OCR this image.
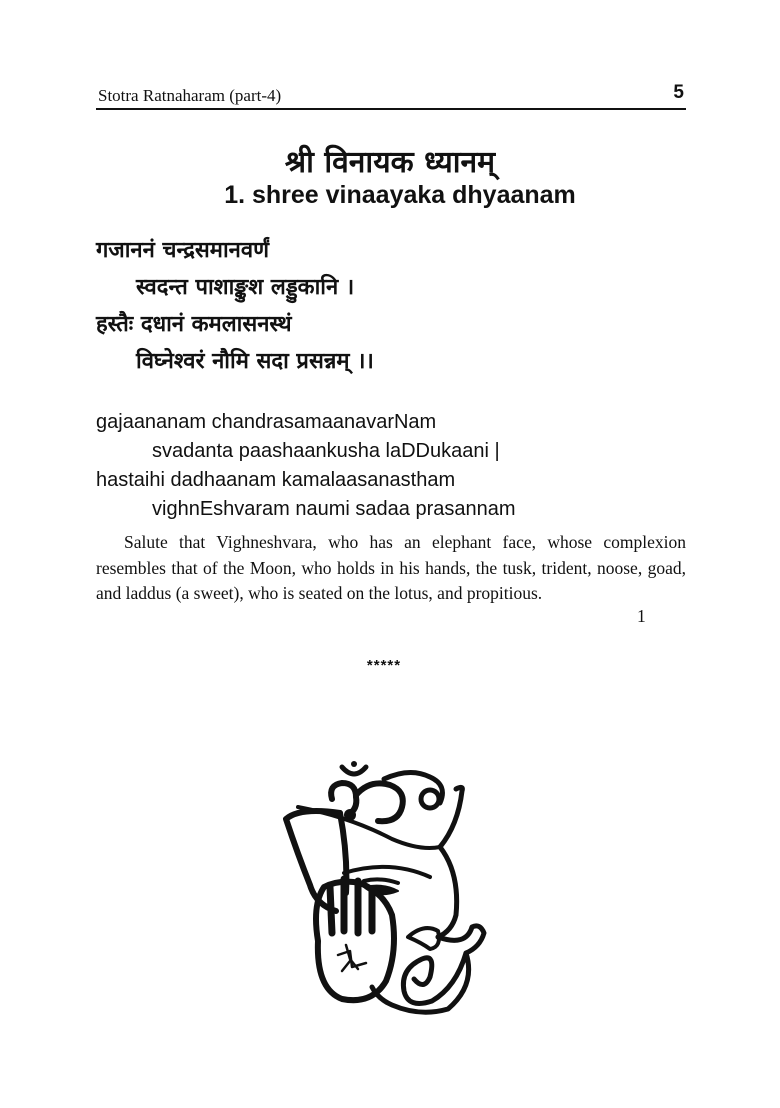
Stotra Ratnaharam (part-4)	5
श्री विनायक ध्यानम्
1. shree vinaayaka dhyaanam
गजाननं चन्द्रसमानवर्णं
स्वदन्त पाशाङ्कुश लड्डुकानि ।
हस्तैः दधानं कमलासनस्थं
विघ्नेश्वरं नौमि सदा प्रसन्नम् ।।
gajaananam chandrasamaanavarNam
svadanta paashaankusha laDDukaani |
hastaihi dadhaanam kamalaasanastham
vighnEshvaram naumi sadaa prasannam

Salute that Vighneshvara, who has an elephant face, whose complexion resembles that of the Moon, who holds in his hands, the tusk, trident, noose, goad, and laddus (a sweet), who is seated on the lotus, and propitious.

1
*****
